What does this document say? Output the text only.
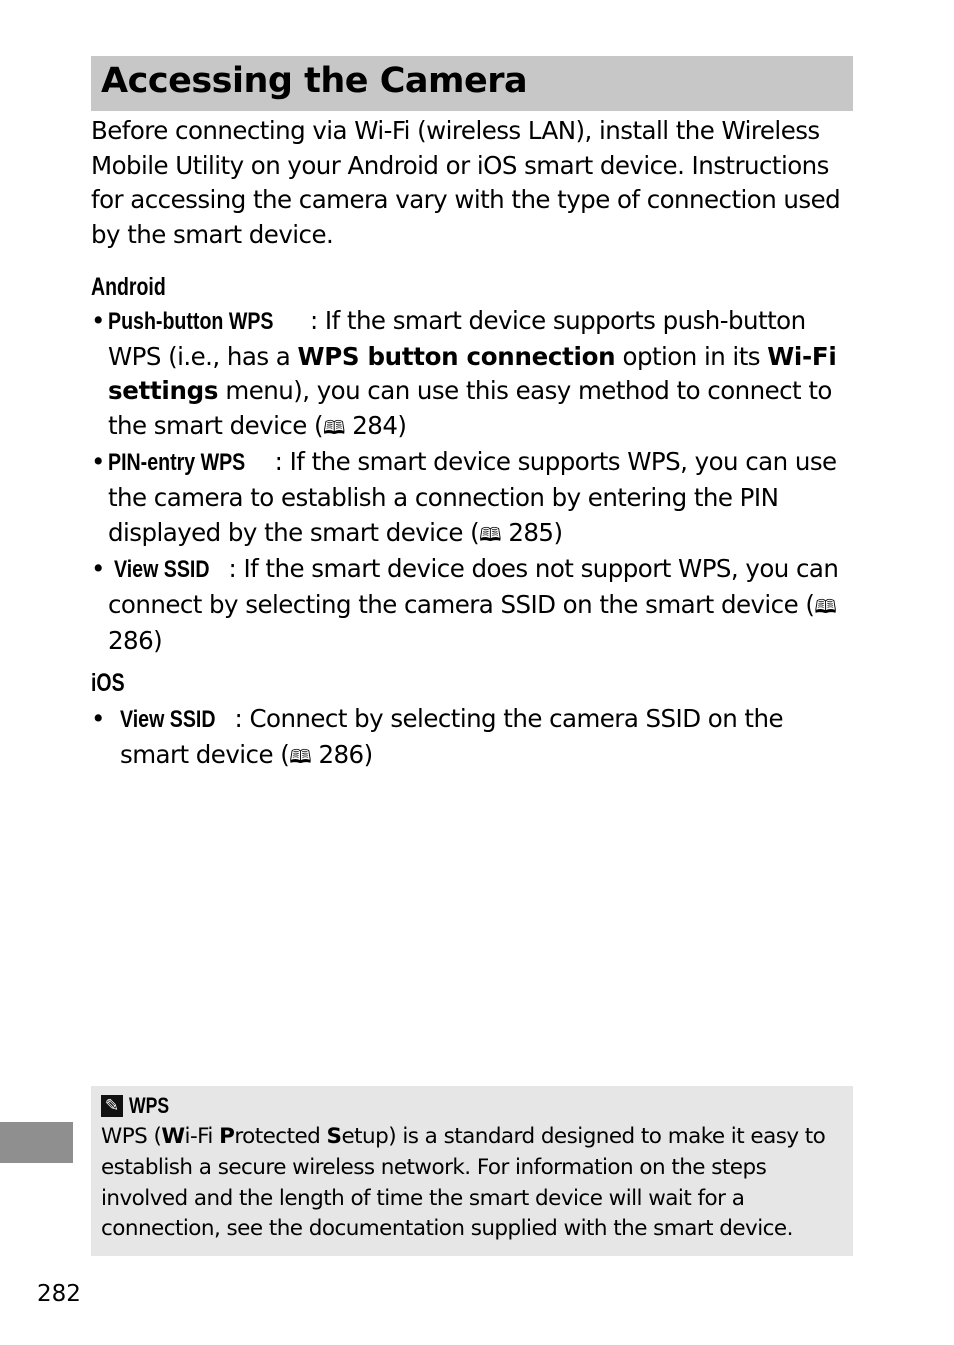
Accessing the Camera

Before connecting via Wi-Fi (wireless LAN), install the Wireless Mobile Utility on your Android or iOS smart device. Instructions for accessing the camera vary with the type of connection used by the smart device.

Android
• Push-button WPS : If the smart device supports push-button WPS (i.e., has a WPS button connection option in its Wi-Fi settings menu), you can use this easy method to connect to the smart device (🕮 284)
• PIN-entry WPS : If the smart device supports WPS, you can use the camera to establish a connection by entering the PIN displayed by the smart device (🕮 285)
• View SSID : If the smart device does not support WPS, you can connect by selecting the camera SSID on the smart device (🕮 286)
iOS
• View SSID : Connect by selecting the camera SSID on the smart device (🕮 286)
✎ WPS
WPS (Wi-Fi Protected Setup) is a standard designed to make it easy to establish a secure wireless network. For information on the steps involved and the length of time the smart device will wait for a connection, see the documentation supplied with the smart device.
282
